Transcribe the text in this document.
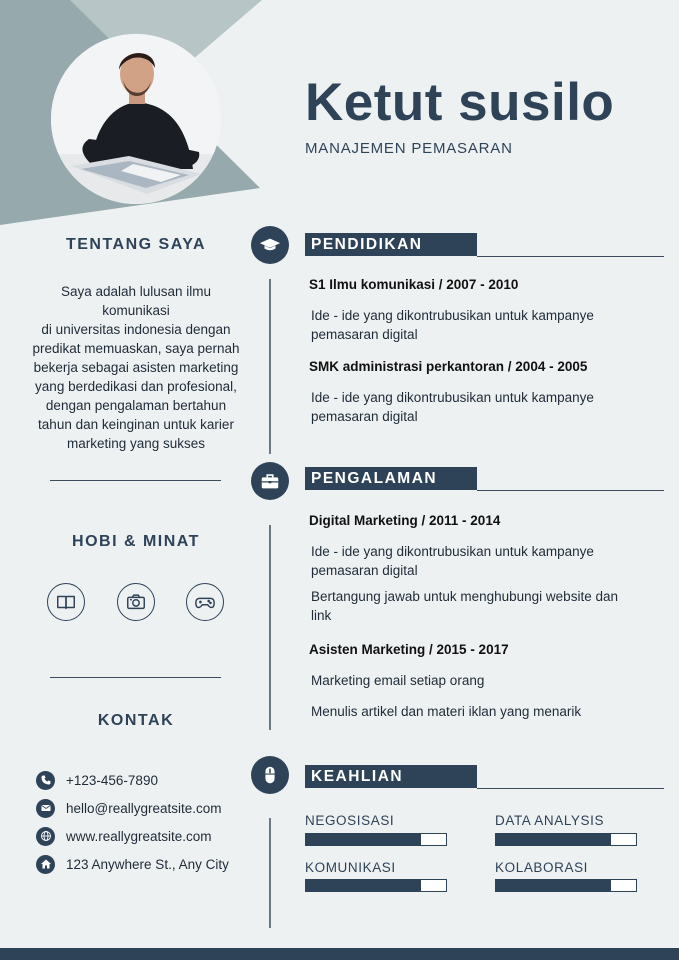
Ketut susilo
MANAJEMEN PEMASARAN
TENTANG SAYA
Saya adalah lulusan ilmu
komunikasi
di universitas indonesia dengan
predikat memuaskan, saya pernah
bekerja sebagai asisten marketing
yang berdedikasi dan profesional,
dengan pengalaman bertahun
tahun dan keinginan untuk karier
marketing yang sukses
HOBI & MINAT
KONTAK
+123-456-7890
hello@reallygreatsite.com
www.reallygreatsite.com
123 Anywhere St., Any City
PENDIDIKAN
S1 Ilmu komunikasi / 2007 - 2010
Ide - ide yang dikontrubusikan untuk kampanye
pemasaran digital
SMK administrasi perkantoran / 2004 - 2005
Ide - ide yang dikontrubusikan untuk kampanye
pemasaran digital
PENGALAMAN
Digital Marketing / 2011 - 2014
Ide - ide yang dikontrubusikan untuk kampanye
pemasaran digital
Bertangung jawab untuk menghubungi website dan
link
Asisten Marketing / 2015 - 2017
Marketing email setiap orang
Menulis artikel dan materi iklan yang menarik
KEAHLIAN
NEGOSISASI	DATA ANALYSIS
KOMUNIKASI	KOLABORASI
